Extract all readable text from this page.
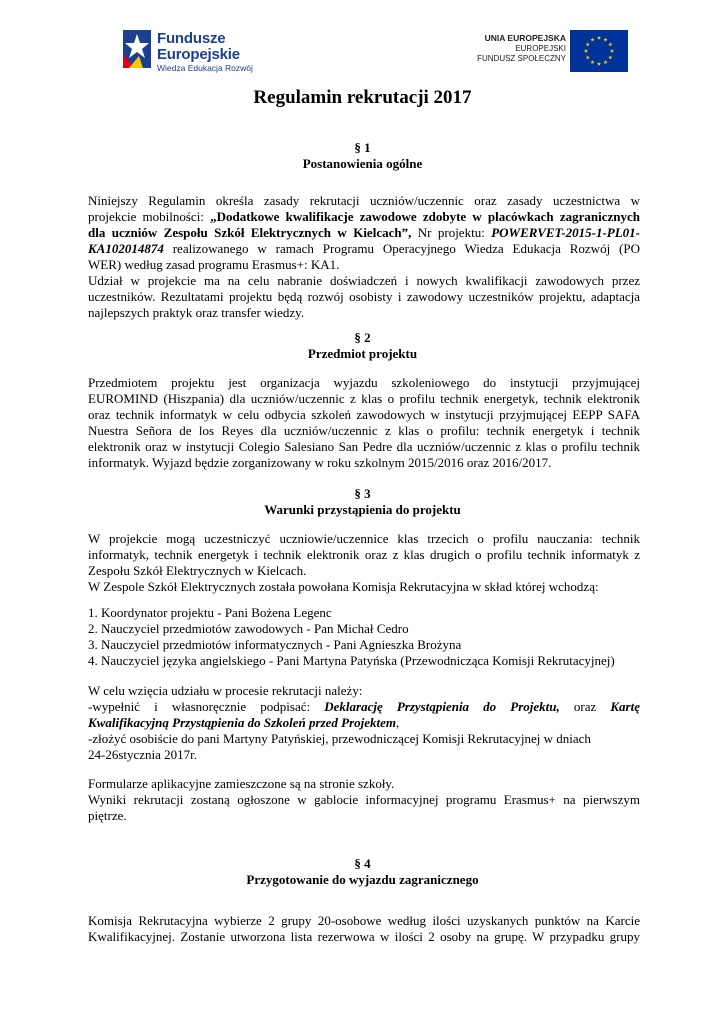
Fundusze
Europejskie
Wiedza Edukacja Rozwój
UNIA EUROPEJSKA
EUROPEJSKI
FUNDUSZ SPOŁECZNY
Regulamin rekrutacji 2017
§ 1
Postanowienia ogólne
Niniejszy Regulamin określa zasady rekrutacji uczniów/uczennic oraz zasady uczestnictwa w
projekcie mobilności: „Dodatkowe kwalifikacje zawodowe zdobyte w placówkach zagranicznych
dla uczniów Zespołu Szkół Elektrycznych w Kielcach”, Nr projektu: POWERVET-2015-1-PL01-
KA102014874 realizowanego w ramach Programu Operacyjnego Wiedza Edukacja Rozwój (PO
WER) według zasad programu Erasmus+: KA1.
Udział w projekcie ma na celu nabranie doświadczeń i nowych kwalifikacji zawodowych przez
uczestników. Rezultatami projektu będą rozwój osobisty i zawodowy uczestników projektu, adaptacja
najlepszych praktyk oraz transfer wiedzy.
§ 2
Przedmiot projektu
Przedmiotem projektu jest organizacja wyjazdu szkoleniowego do instytucji przyjmującej
EUROMIND (Hiszpania) dla uczniów/uczennic z klas o profilu technik energetyk, technik elektronik
oraz technik informatyk w celu odbycia szkoleń zawodowych w instytucji przyjmującej EEPP SAFA
Nuestra Señora de los Reyes dla uczniów/uczennic z klas o profilu: technik energetyk i technik
elektronik oraz w instytucji Colegio Salesiano San Pedre dla uczniów/uczennic z klas o profilu technik
informatyk. Wyjazd będzie zorganizowany w roku szkolnym 2015/2016 oraz 2016/2017.
§ 3
Warunki przystąpienia do projektu
W projekcie mogą uczestniczyć uczniowie/uczennice klas trzecich o profilu nauczania: technik
informatyk, technik energetyk i technik elektronik oraz z klas drugich o profilu technik informatyk z
Zespołu Szkół Elektrycznych w Kielcach.
W Zespole Szkół Elektrycznych została powołana Komisja Rekrutacyjna w skład której wchodzą:
1. Koordynator projektu - Pani Bożena Legenc
2. Nauczyciel przedmiotów zawodowych - Pan Michał Cedro
3. Nauczyciel przedmiotów informatycznych - Pani Agnieszka Brożyna
4. Nauczyciel języka angielskiego - Pani Martyna Patyńska (Przewodnicząca Komisji Rekrutacyjnej)
W celu wzięcia udziału w procesie rekrutacji należy:
-wypełnić i własnoręcznie podpisać: Deklarację Przystąpienia do Projektu, oraz Kartę
Kwalifikacyjną Przystąpienia do Szkoleń przed Projektem,
-złożyć osobiście do pani Martyny Patyńskiej, przewodniczącej Komisji Rekrutacyjnej w dniach
24-26stycznia 2017r.
Formularze aplikacyjne zamieszczone są na stronie szkoły.
Wyniki rekrutacji zostaną ogłoszone w gablocie informacyjnej programu Erasmus+ na pierwszym
piętrze.
§ 4
Przygotowanie do wyjazdu zagranicznego
Komisja Rekrutacyjna wybierze 2 grupy 20-osobowe według ilości uzyskanych punktów na Karcie
Kwalifikacyjnej. Zostanie utworzona lista rezerwowa w ilości 2 osoby na grupę. W przypadku grupy
